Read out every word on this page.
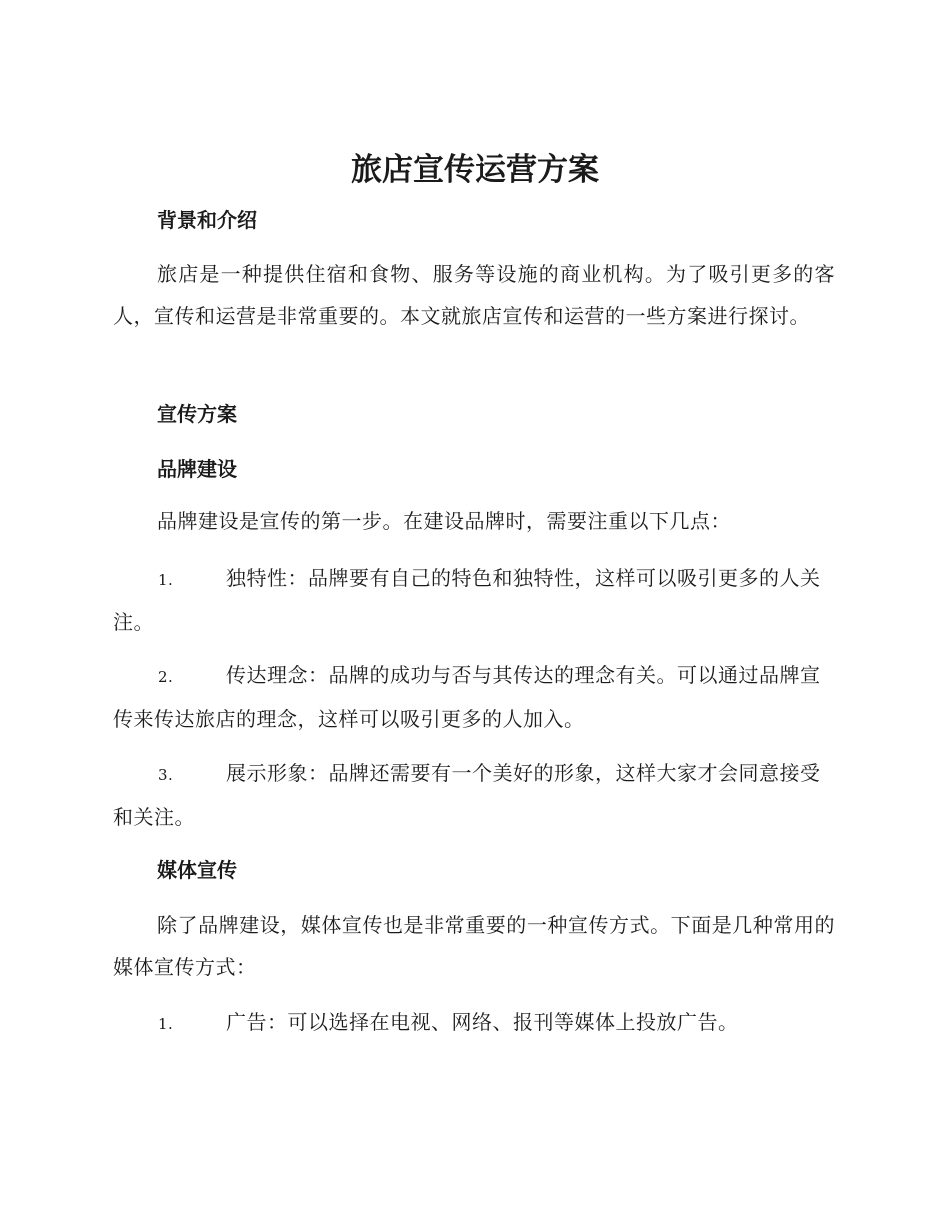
旅店宣传运营方案
背景和介绍

旅店是一种提供住宿和食物、服务等设施的商业机构。为了吸引更多的客人，宣传和运营是非常重要的。本文就旅店宣传和运营的一些方案进行探讨。

宣传方案
品牌建设

品牌建设是宣传的第一步。在建设品牌时，需要注重以下几点：

1.	独特性：品牌要有自己的特色和独特性，这样可以吸引更多的人关注。

2.	传达理念：品牌的成功与否与其传达的理念有关。可以通过品牌宣传来传达旅店的理念，这样可以吸引更多的人加入。

3.	展示形象：品牌还需要有一个美好的形象，这样大家才会同意接受和关注。

媒体宣传

除了品牌建设，媒体宣传也是非常重要的一种宣传方式。下面是几种常用的媒体宣传方式：

1.	广告：可以选择在电视、网络、报刊等媒体上投放广告。
